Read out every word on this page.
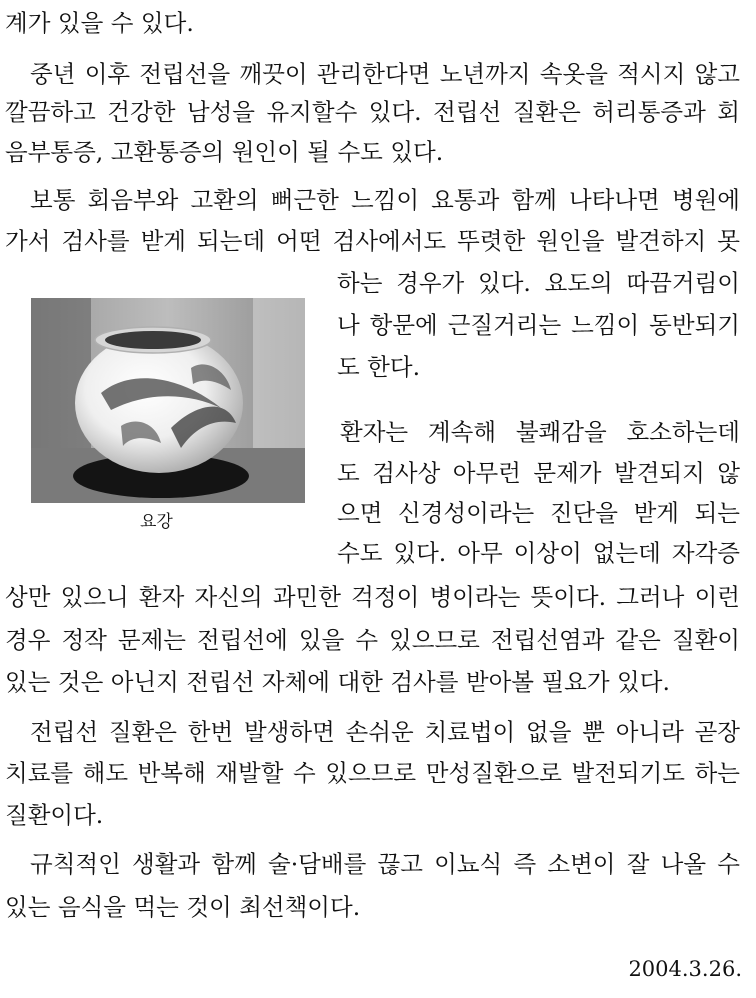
계가 있을 수 있다.

중년 이후 전립선을 깨끗이 관리한다면 노년까지 속옷을 적시지 않고

깔끔하고 건강한 남성을 유지할수 있다. 전립선 질환은 허리통증과 회

음부통증, 고환통증의 원인이 될 수도 있다.

보통 회음부와 고환의 뻐근한 느낌이 요통과 함께 나타나면 병원에

가서 검사를 받게 되는데 어떤 검사에서도 뚜렷한 원인을 발견하지 못

하는 경우가 있다. 요도의 따끔거림이

나 항문에 근질거리는 느낌이 동반되기

도 한다.

환자는 계속해 불쾌감을 호소하는데

도 검사상 아무런 문제가 발견되지 않

으면 신경성이라는 진단을 받게 되는

수도 있다. 아무 이상이 없는데 자각증

상만 있으니 환자 자신의 과민한 걱정이 병이라는 뜻이다. 그러나 이런

경우 정작 문제는 전립선에 있을 수 있으므로 전립선염과 같은 질환이

있는 것은 아닌지 전립선 자체에 대한 검사를 받아볼 필요가 있다.

전립선 질환은 한번 발생하면 손쉬운 치료법이 없을 뿐 아니라 곧장

치료를 해도 반복해 재발할 수 있으므로 만성질환으로 발전되기도 하는

질환이다.

규칙적인 생활과 함께 술·담배를 끊고 이뇨식 즉 소변이 잘 나올 수

있는 음식을 먹는 것이 최선책이다.

요강
2004.3.26.
